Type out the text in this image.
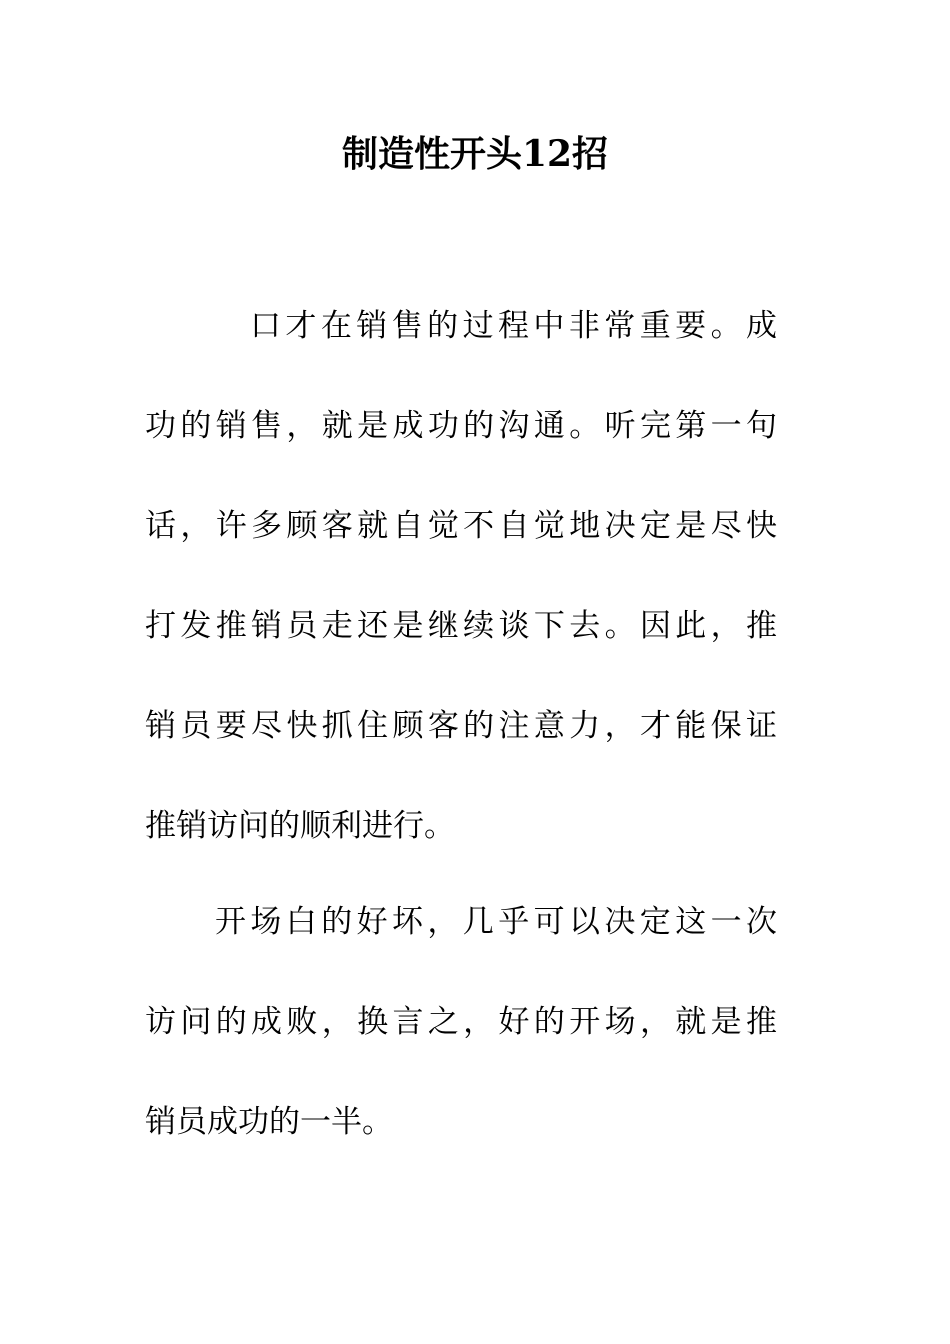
制造性开头12招
口才在销售的过程中非常重要。成
功的销售，就是成功的沟通。听完第一句
话，许多顾客就自觉不自觉地决定是尽快
打发推销员走还是继续谈下去。因此，推
销员要尽快抓住顾客的注意力，才能保证
推销访问的顺利进行。
开场白的好坏，几乎可以决定这一次
访问的成败，换言之，好的开场，就是推
销员成功的一半。
